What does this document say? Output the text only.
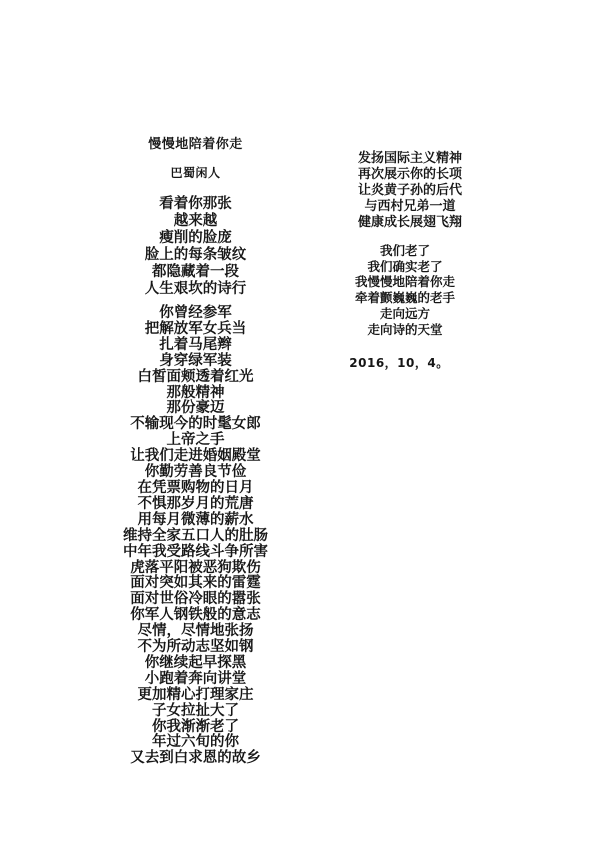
慢慢地陪着你走
巴蜀闲人
看着你那张
越来越
瘦削的脸庞
脸上的每条皱纹
都隐藏着一段
人生艰坎的诗行
你曾经参军
把解放军女兵当
扎着马尾辫
身穿绿军装
白皙面颊透着红光
那般精神
那份豪迈
不输现今的时髦女郎
上帝之手
让我们走进婚姻殿堂
你勤劳善良节俭
在凭票购物的日月
不惧那岁月的荒唐
用每月微薄的薪水
维持全家五口人的肚肠
中年我受路线斗争所害
虎落平阳被恶狗欺伤
面对突如其来的雷霆
面对世俗冷眼的嚣张
你军人钢铁般的意志
尽情，尽情地张扬
不为所动志坚如钢
你继续起早探黑
小跑着奔向讲堂
更加精心打理家庄
子女拉扯大了
你我渐渐老了
年过六旬的你
又去到白求恩的故乡
发扬国际主义精神
再次展示你的长项
让炎黄子孙的后代
与西村兄弟一道
健康成长展翅飞翔
我们老了
我们确实老了
我慢慢地陪着你走
牵着颤巍巍的老手
走向远方
走向诗的天堂
2016，10，4。
